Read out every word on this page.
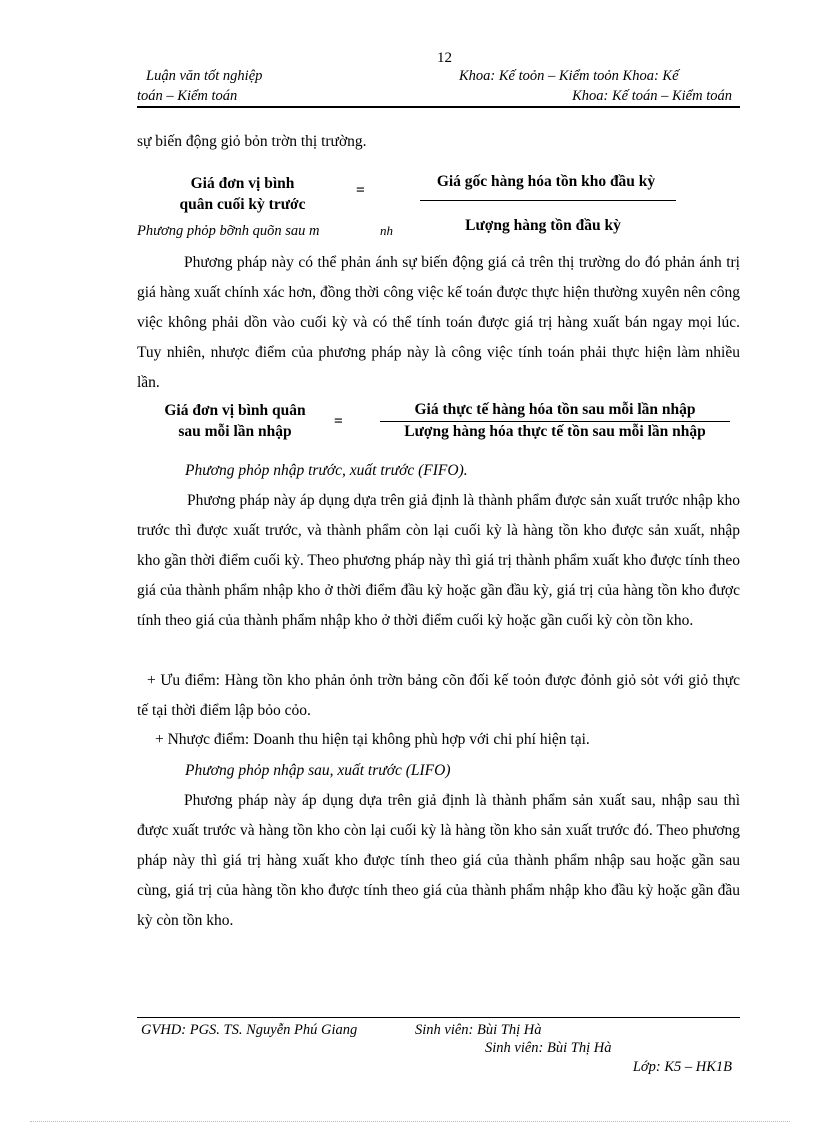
12
Luận văn tốt nghiệp	Khoa: Kế toỏn – Kiểm toỏn Khoa: Kế
toán – Kiểm toán	Khoa: Kế toán – Kiểm toán
sự biến động giỏ bỏn trờn thị trường.
Giá đơn vị bình
quân cuối kỳ trước
=
Giá gốc hàng hóa tồn kho đầu kỳ
Lượng hàng tồn đầu kỳ
Phương phỏp bỡnh quõn sau m	nh
Phương pháp này có thể phản ánh sự biến động giá cả trên thị trường do đó phản ánh trị giá hàng xuất chính xác hơn, đồng thời công việc kế toán được thực hiện thường xuyên nên công việc không phải dồn vào cuối kỳ và có thể tính toán được giá trị hàng xuất bán ngay mọi lúc. Tuy nhiên, nhược điểm của phương pháp này là công việc tính toán phải thực hiện làm nhiều lần.
Giá đơn vị bình quân
sau mỗi lần nhập
=
Giá thực tế hàng hóa tồn sau mỗi lần nhập
Lượng hàng hóa thực tế tồn sau mỗi lần nhập
Phương phỏp nhập trước, xuất trước (FIFO).
Phương pháp này áp dụng dựa trên giả định là thành phẩm được sản xuất trước nhập kho trước thì được xuất trước, và thành phẩm còn lại cuối kỳ là hàng tồn kho được sản xuất, nhập kho gần thời điểm cuối kỳ. Theo phương pháp này thì giá trị thành phẩm xuất kho được tính theo giá của thành phẩm nhập kho ở thời điểm đầu kỳ hoặc gần đầu kỳ, giá trị của hàng tồn kho được tính theo giá của thành phẩm nhập kho ở thời điểm cuối kỳ hoặc gần cuối kỳ còn tồn kho.
+ Ưu điểm: Hàng tồn kho phản ỏnh trờn bảng cõn đối kế toỏn được đỏnh giỏ sỏt với giỏ thực tế tại thời điểm lập bỏo cỏo.
+ Nhược điểm: Doanh thu hiện tại không phù hợp với chi phí hiện tại.
Phương phỏp nhập sau, xuất trước (LIFO)
Phương pháp này áp dụng dựa trên giả định là thành phẩm sản xuất sau, nhập sau thì được xuất trước và hàng tồn kho còn lại cuối kỳ là hàng tồn kho sản xuất trước đó. Theo phương pháp này thì giá trị hàng xuất kho được tính theo giá của thành phẩm nhập sau hoặc gần sau cùng, giá trị của hàng tồn kho được tính theo giá của thành phẩm nhập kho đầu kỳ hoặc gần đầu kỳ còn tồn kho.
GVHD: PGS. TS. Nguyễn Phú Giang	Sinh viên: Bùi Thị Hà
Sinh viên: Bùi Thị Hà
Lớp: K5 – HK1B
